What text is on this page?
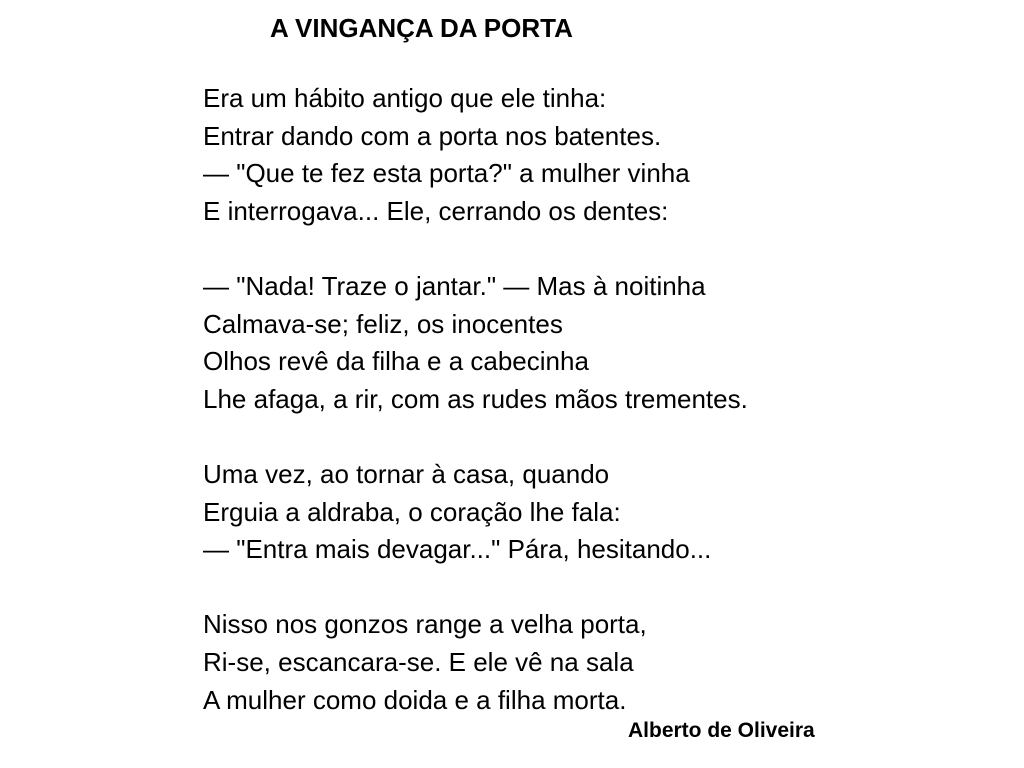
A VINGANÇA DA PORTA
Era um hábito antigo que ele tinha:
Entrar dando com a porta nos batentes.
— "Que te fez esta porta?" a mulher vinha
E interrogava... Ele, cerrando os dentes:
— "Nada! Traze o jantar." — Mas à noitinha
Calmava-se; feliz, os inocentes
Olhos revê da filha e a cabecinha
Lhe afaga, a rir, com as rudes mãos trementes.
Uma vez, ao tornar à casa, quando
Erguia a aldraba, o coração lhe fala:
— "Entra mais devagar..." Pára, hesitando...
Nisso nos gonzos range a velha porta,
Ri-se, escancara-se. E ele vê na sala
A mulher como doida e a filha morta.
Alberto de Oliveira
